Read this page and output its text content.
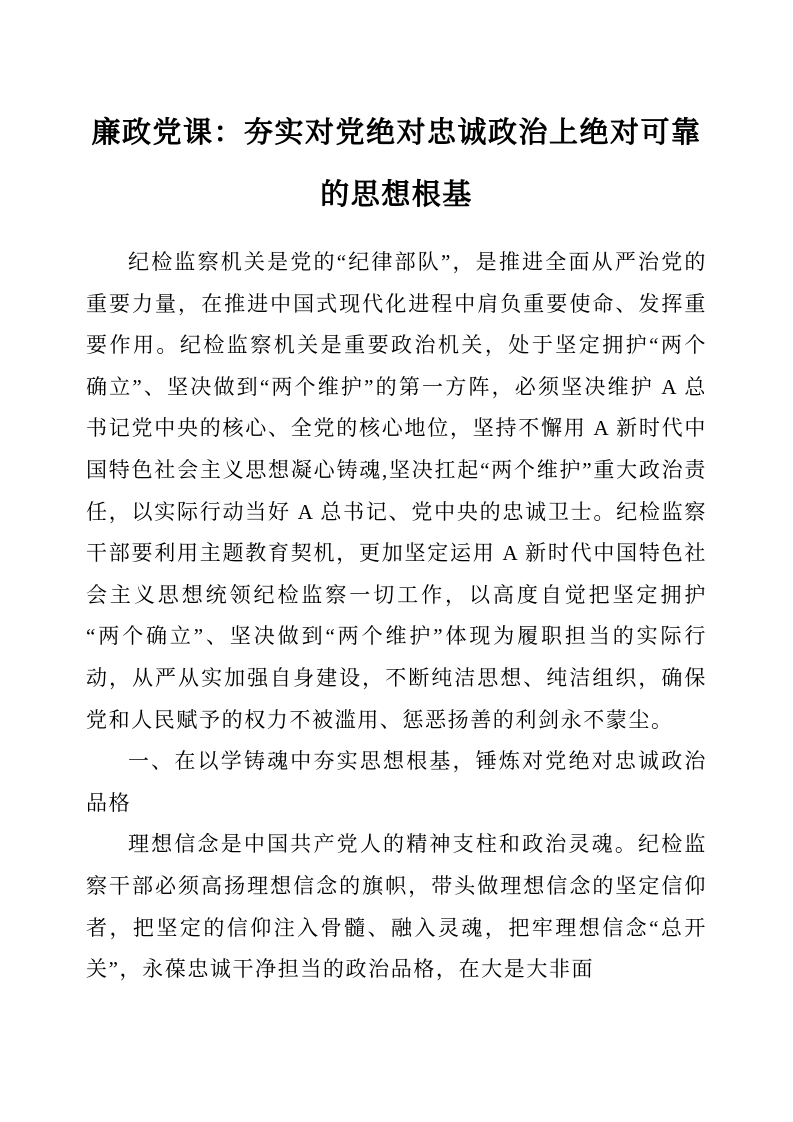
廉政党课：夯实对党绝对忠诚政治上绝对可靠的思想根基

纪检监察机关是党的“纪律部队”，是推进全面从严治党的重要力量，在推进中国式现代化进程中肩负重要使命、发挥重要作用。纪检监察机关是重要政治机关，处于坚定拥护“两个确立”、坚决做到“两个维护”的第一方阵，必须坚决维护 A 总书记党中央的核心、全党的核心地位，坚持不懈用 A 新时代中国特色社会主义思想凝心铸魂,坚决扛起“两个维护”重大政治责任，以实际行动当好 A 总书记、党中央的忠诚卫士。纪检监察干部要利用主题教育契机，更加坚定运用 A 新时代中国特色社会主义思想统领纪检监察一切工作，以高度自觉把坚定拥护“两个确立”、坚决做到“两个维护”体现为履职担当的实际行动，从严从实加强自身建设，不断纯洁思想、纯洁组织，确保党和人民赋予的权力不被滥用、惩恶扬善的利剑永不蒙尘。

一、在以学铸魂中夯实思想根基，锤炼对党绝对忠诚政治品格

理想信念是中国共产党人的精神支柱和政治灵魂。纪检监察干部必须高扬理想信念的旗帜，带头做理想信念的坚定信仰者，把坚定的信仰注入骨髓、融入灵魂，把牢理想信念“总开关”，永葆忠诚干净担当的政治品格，在大是大非面
